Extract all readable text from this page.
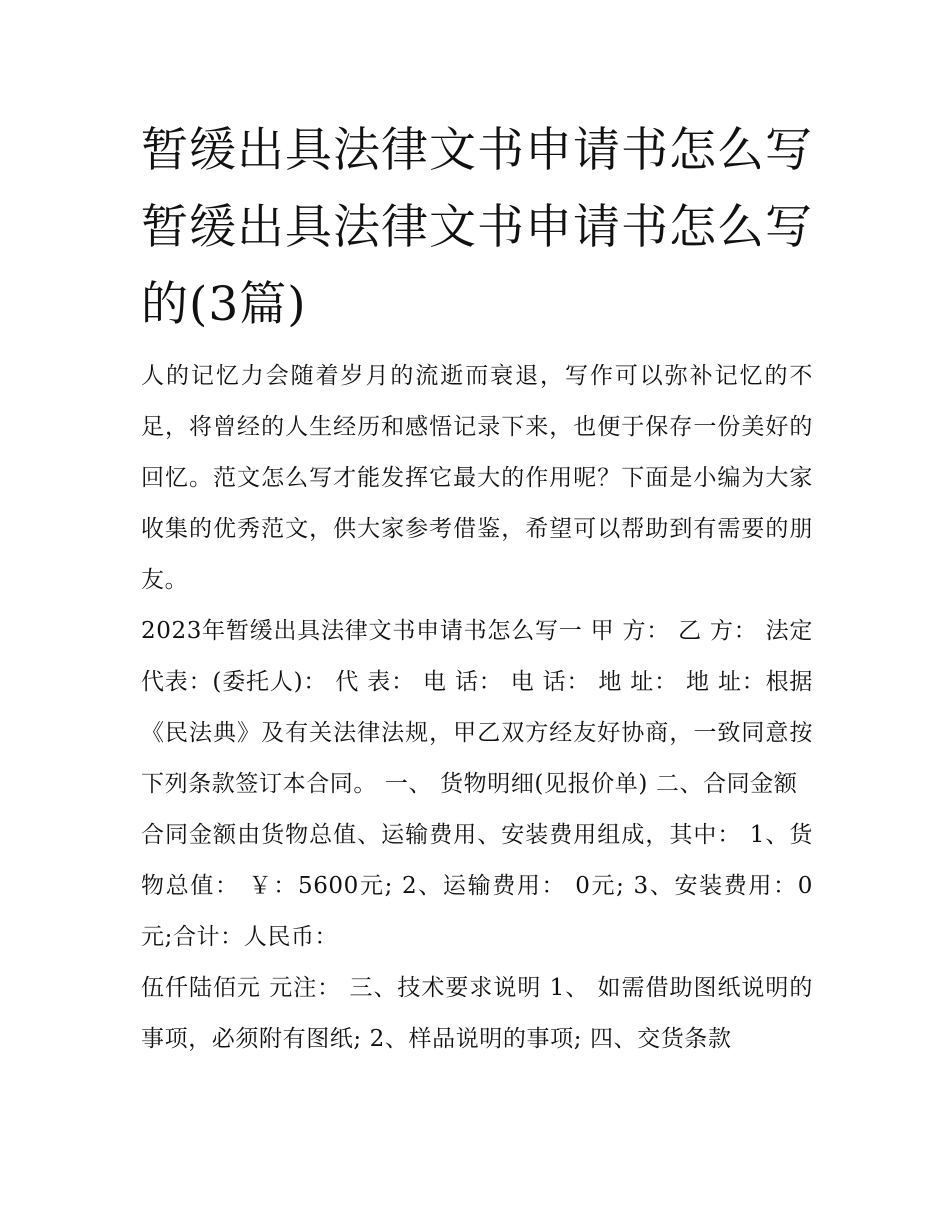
暂缓出具法律文书申请书怎么写 暂缓出具法律文书申请书怎么写的(3篇)

人的记忆力会随着岁月的流逝而衰退，写作可以弥补记忆的不足，将曾经的人生经历和感悟记录下来，也便于保存一份美好的回忆。范文怎么写才能发挥它最大的作用呢？下面是小编为大家收集的优秀范文，供大家参考借鉴，希望可以帮助到有需要的朋友。

2023年暂缓出具法律文书申请书怎么写一 甲 方： 乙 方： 法定代表：(委托人)： 代 表： 电 话： 电 话： 地 址： 地 址：根据《民法典》及有关法律法规，甲乙双方经友好协商，一致同意按下列条款签订本合同。 一、 货物明细(见报价单) 二、合同金额

合同金额由货物总值、运输费用、安装费用组成，其中： 1、货物总值： ￥：5600元; 2、运输费用： 0元; 3、安装费用：0元;合计：人民币：

伍仟陆佰元 元注： 三、技术要求说明 1、 如需借助图纸说明的事项，必须附有图纸; 2、样品说明的事项; 四、交货条款
